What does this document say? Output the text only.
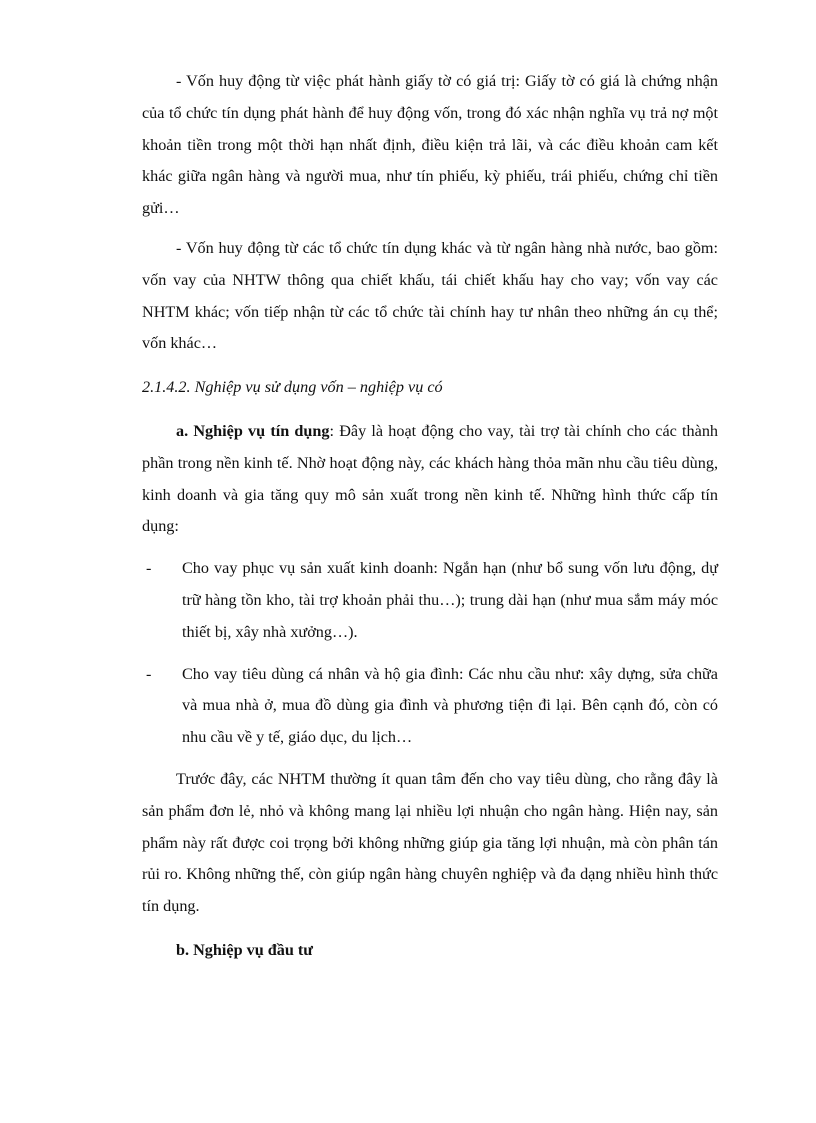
- Vốn huy động từ việc phát hành giấy tờ có giá trị: Giấy tờ có giá là chứng nhận của tổ chức tín dụng phát hành để huy động vốn, trong đó xác nhận nghĩa vụ trả nợ một khoản tiền trong một thời hạn nhất định, điều kiện trả lãi, và các điều khoản cam kết khác giữa ngân hàng và người mua, như tín phiếu, kỳ phiếu, trái phiếu, chứng chỉ tiền gửi…

- Vốn huy động từ các tổ chức tín dụng khác và từ ngân hàng nhà nước, bao gồm: vốn vay của NHTW thông qua chiết khấu, tái chiết khấu hay cho vay; vốn vay các NHTM khác; vốn tiếp nhận từ các tổ chức tài chính hay tư nhân theo những án cụ thể; vốn khác…

2.1.4.2. Nghiệp vụ sử dụng vốn – nghiệp vụ có

a. Nghiệp vụ tín dụng: Đây là hoạt động cho vay, tài trợ tài chính cho các thành phần trong nền kinh tế. Nhờ hoạt động này, các khách hàng thỏa mãn nhu cầu tiêu dùng, kinh doanh và gia tăng quy mô sản xuất trong nền kinh tế. Những hình thức cấp tín dụng:

- Cho vay phục vụ sản xuất kinh doanh: Ngắn hạn (như bổ sung vốn lưu động, dự trữ hàng tồn kho, tài trợ khoản phải thu…); trung dài hạn (như mua sắm máy móc thiết bị, xây nhà xưởng…).
- Cho vay tiêu dùng cá nhân và hộ gia đình: Các nhu cầu như: xây dựng, sửa chữa và mua nhà ở, mua đồ dùng gia đình và phương tiện đi lại. Bên cạnh đó, còn có nhu cầu về y tế, giáo dục, du lịch…

Trước đây, các NHTM thường ít quan tâm đến cho vay tiêu dùng, cho rằng đây là sản phẩm đơn lẻ, nhỏ và không mang lại nhiều lợi nhuận cho ngân hàng. Hiện nay, sản phẩm này rất được coi trọng bởi không những giúp gia tăng lợi nhuận, mà còn phân tán rủi ro. Không những thế, còn giúp ngân hàng chuyên nghiệp và đa dạng nhiều hình thức tín dụng.

b. Nghiệp vụ đầu tư
